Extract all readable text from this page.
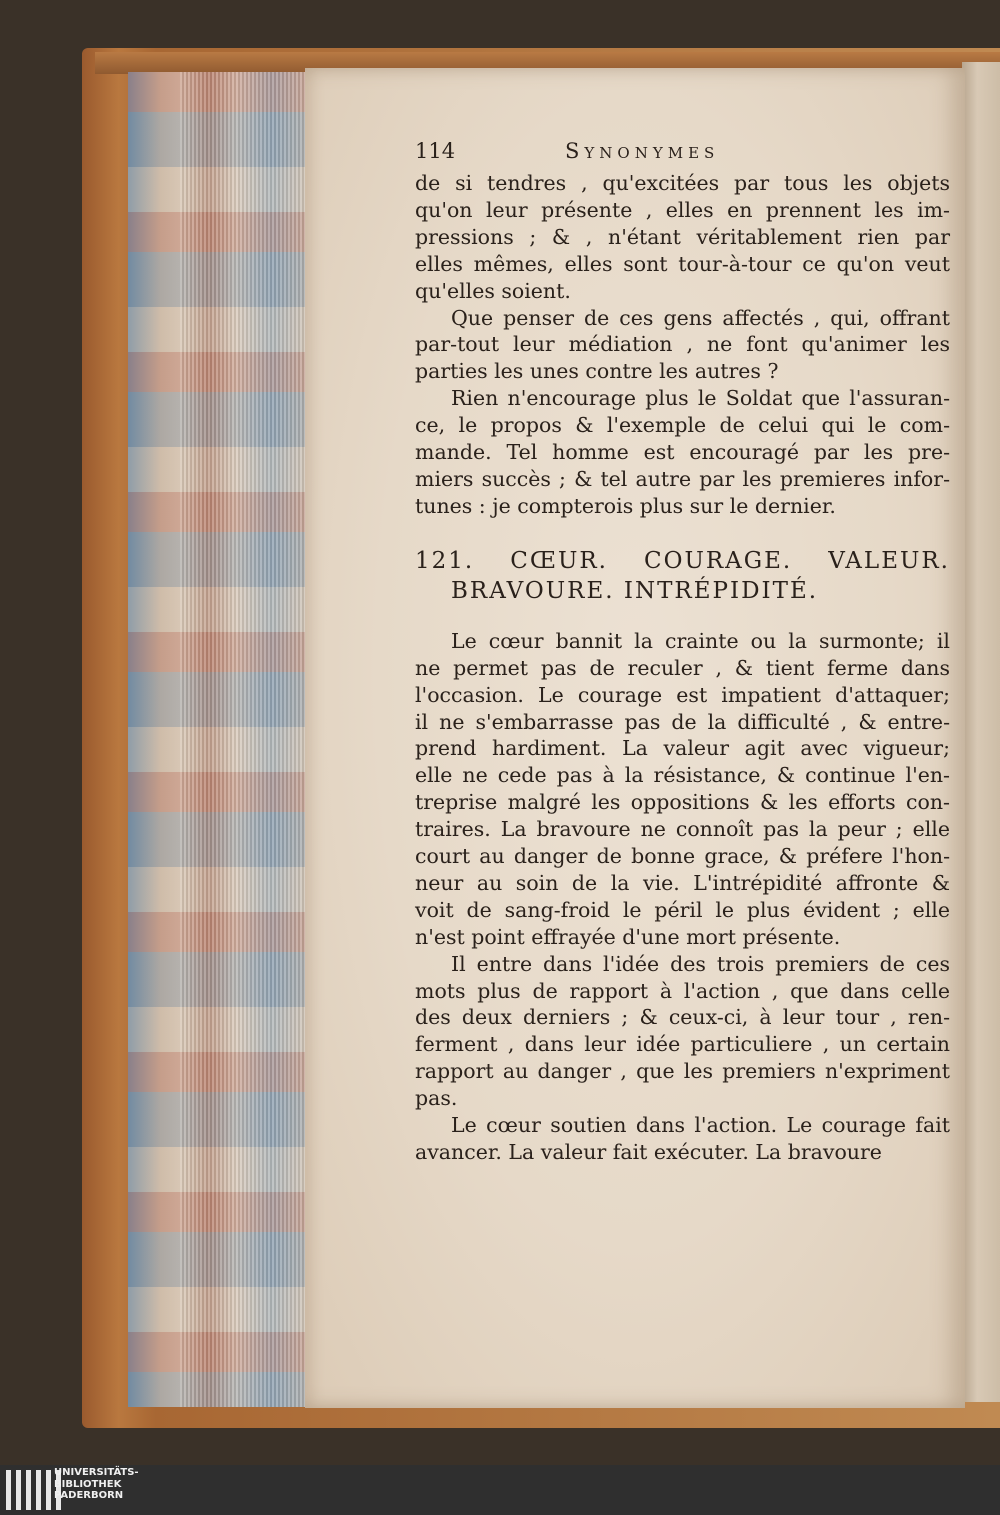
114	Synonymes
de si tendres , qu'excitées par tous les objets
qu'on leur présente , elles en prennent les im-
pressions ; & , n'étant véritablement rien par
elles mêmes, elles sont tour-à-tour ce qu'on veut
qu'elles soient.
Que penser de ces gens affectés , qui, offrant
par-tout leur médiation , ne font qu'animer les
parties les unes contre les autres ?
Rien n'encourage plus le Soldat que l'assuran-
ce, le propos & l'exemple de celui qui le com-
mande. Tel homme est encouragé par les pre-
miers succès ; & tel autre par les premieres infor-
tunes : je compterois plus sur le dernier.
121. CŒUR. COURAGE. VALEUR.
BRAVOURE. INTRÉPIDITÉ.
Le cœur bannit la crainte ou la surmonte; il
ne permet pas de reculer , & tient ferme dans
l'occasion. Le courage est impatient d'attaquer;
il ne s'embarrasse pas de la difficulté , & entre-
prend hardiment. La valeur agit avec vigueur;
elle ne cede pas à la résistance, & continue l'en-
treprise malgré les oppositions & les efforts con-
traires. La bravoure ne connoît pas la peur ; elle
court au danger de bonne grace, & préfere l'hon-
neur au soin de la vie. L'intrépidité affronte &
voit de sang-froid le péril le plus évident ; elle
n'est point effrayée d'une mort présente.
Il entre dans l'idée des trois premiers de ces
mots plus de rapport à l'action , que dans celle
des deux derniers ; & ceux-ci, à leur tour , ren-
ferment , dans leur idée particuliere , un certain
rapport au danger , que les premiers n'expriment
pas.
Le cœur soutien dans l'action. Le courage fait
avancer. La valeur fait exécuter. La bravoure
UNIVERSITÄTS-
BIBLIOTHEK
PADERBORN
